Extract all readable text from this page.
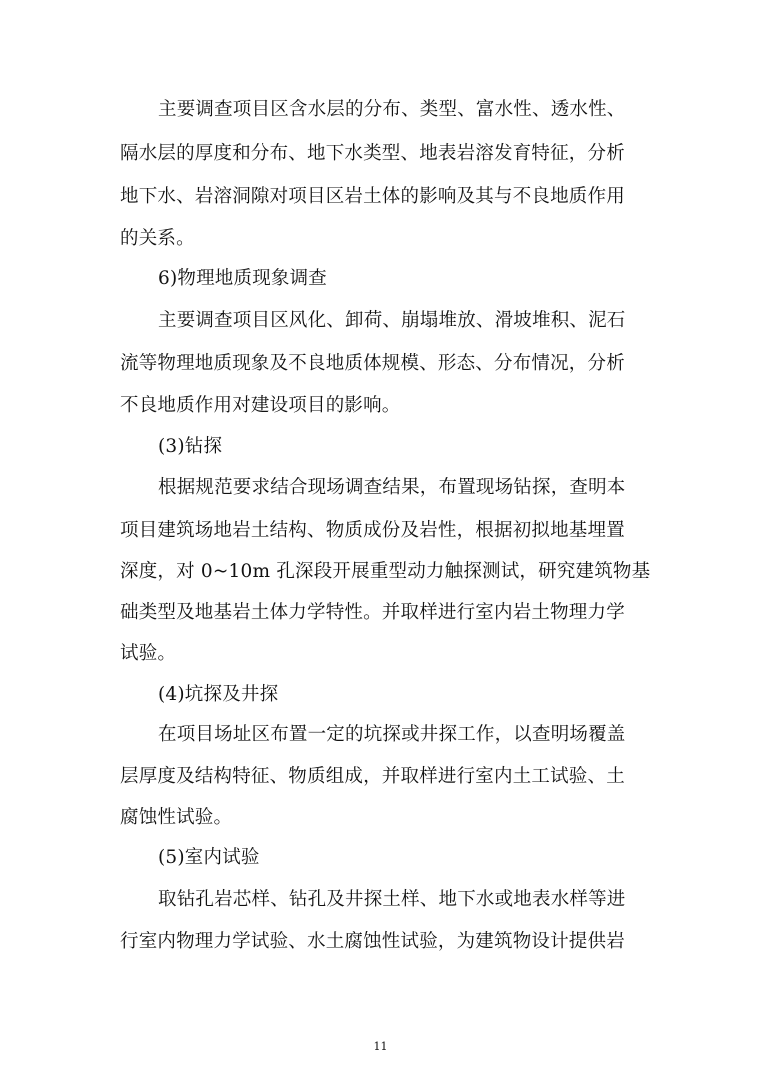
主要调查项目区含水层的分布、类型、富水性、透水性、
隔水层的厚度和分布、地下水类型、地表岩溶发育特征，分析
地下水、岩溶洞隙对项目区岩土体的影响及其与不良地质作用
的关系。
6)物理地质现象调查
主要调查项目区风化、卸荷、崩塌堆放、滑坡堆积、泥石
流等物理地质现象及不良地质体规模、形态、分布情况，分析
不良地质作用对建设项目的影响。
(3)钻探
根据规范要求结合现场调查结果，布置现场钻探，查明本
项目建筑场地岩土结构、物质成份及岩性，根据初拟地基埋置
深度，对 0~10m 孔深段开展重型动力触探测试，研究建筑物基
础类型及地基岩土体力学特性。并取样进行室内岩土物理力学
试验。
(4)坑探及井探
在项目场址区布置一定的坑探或井探工作，以查明场覆盖
层厚度及结构特征、物质组成，并取样进行室内土工试验、土
腐蚀性试验。
(5)室内试验
取钻孔岩芯样、钻孔及井探土样、地下水或地表水样等进
行室内物理力学试验、水土腐蚀性试验，为建筑物设计提供岩
11
